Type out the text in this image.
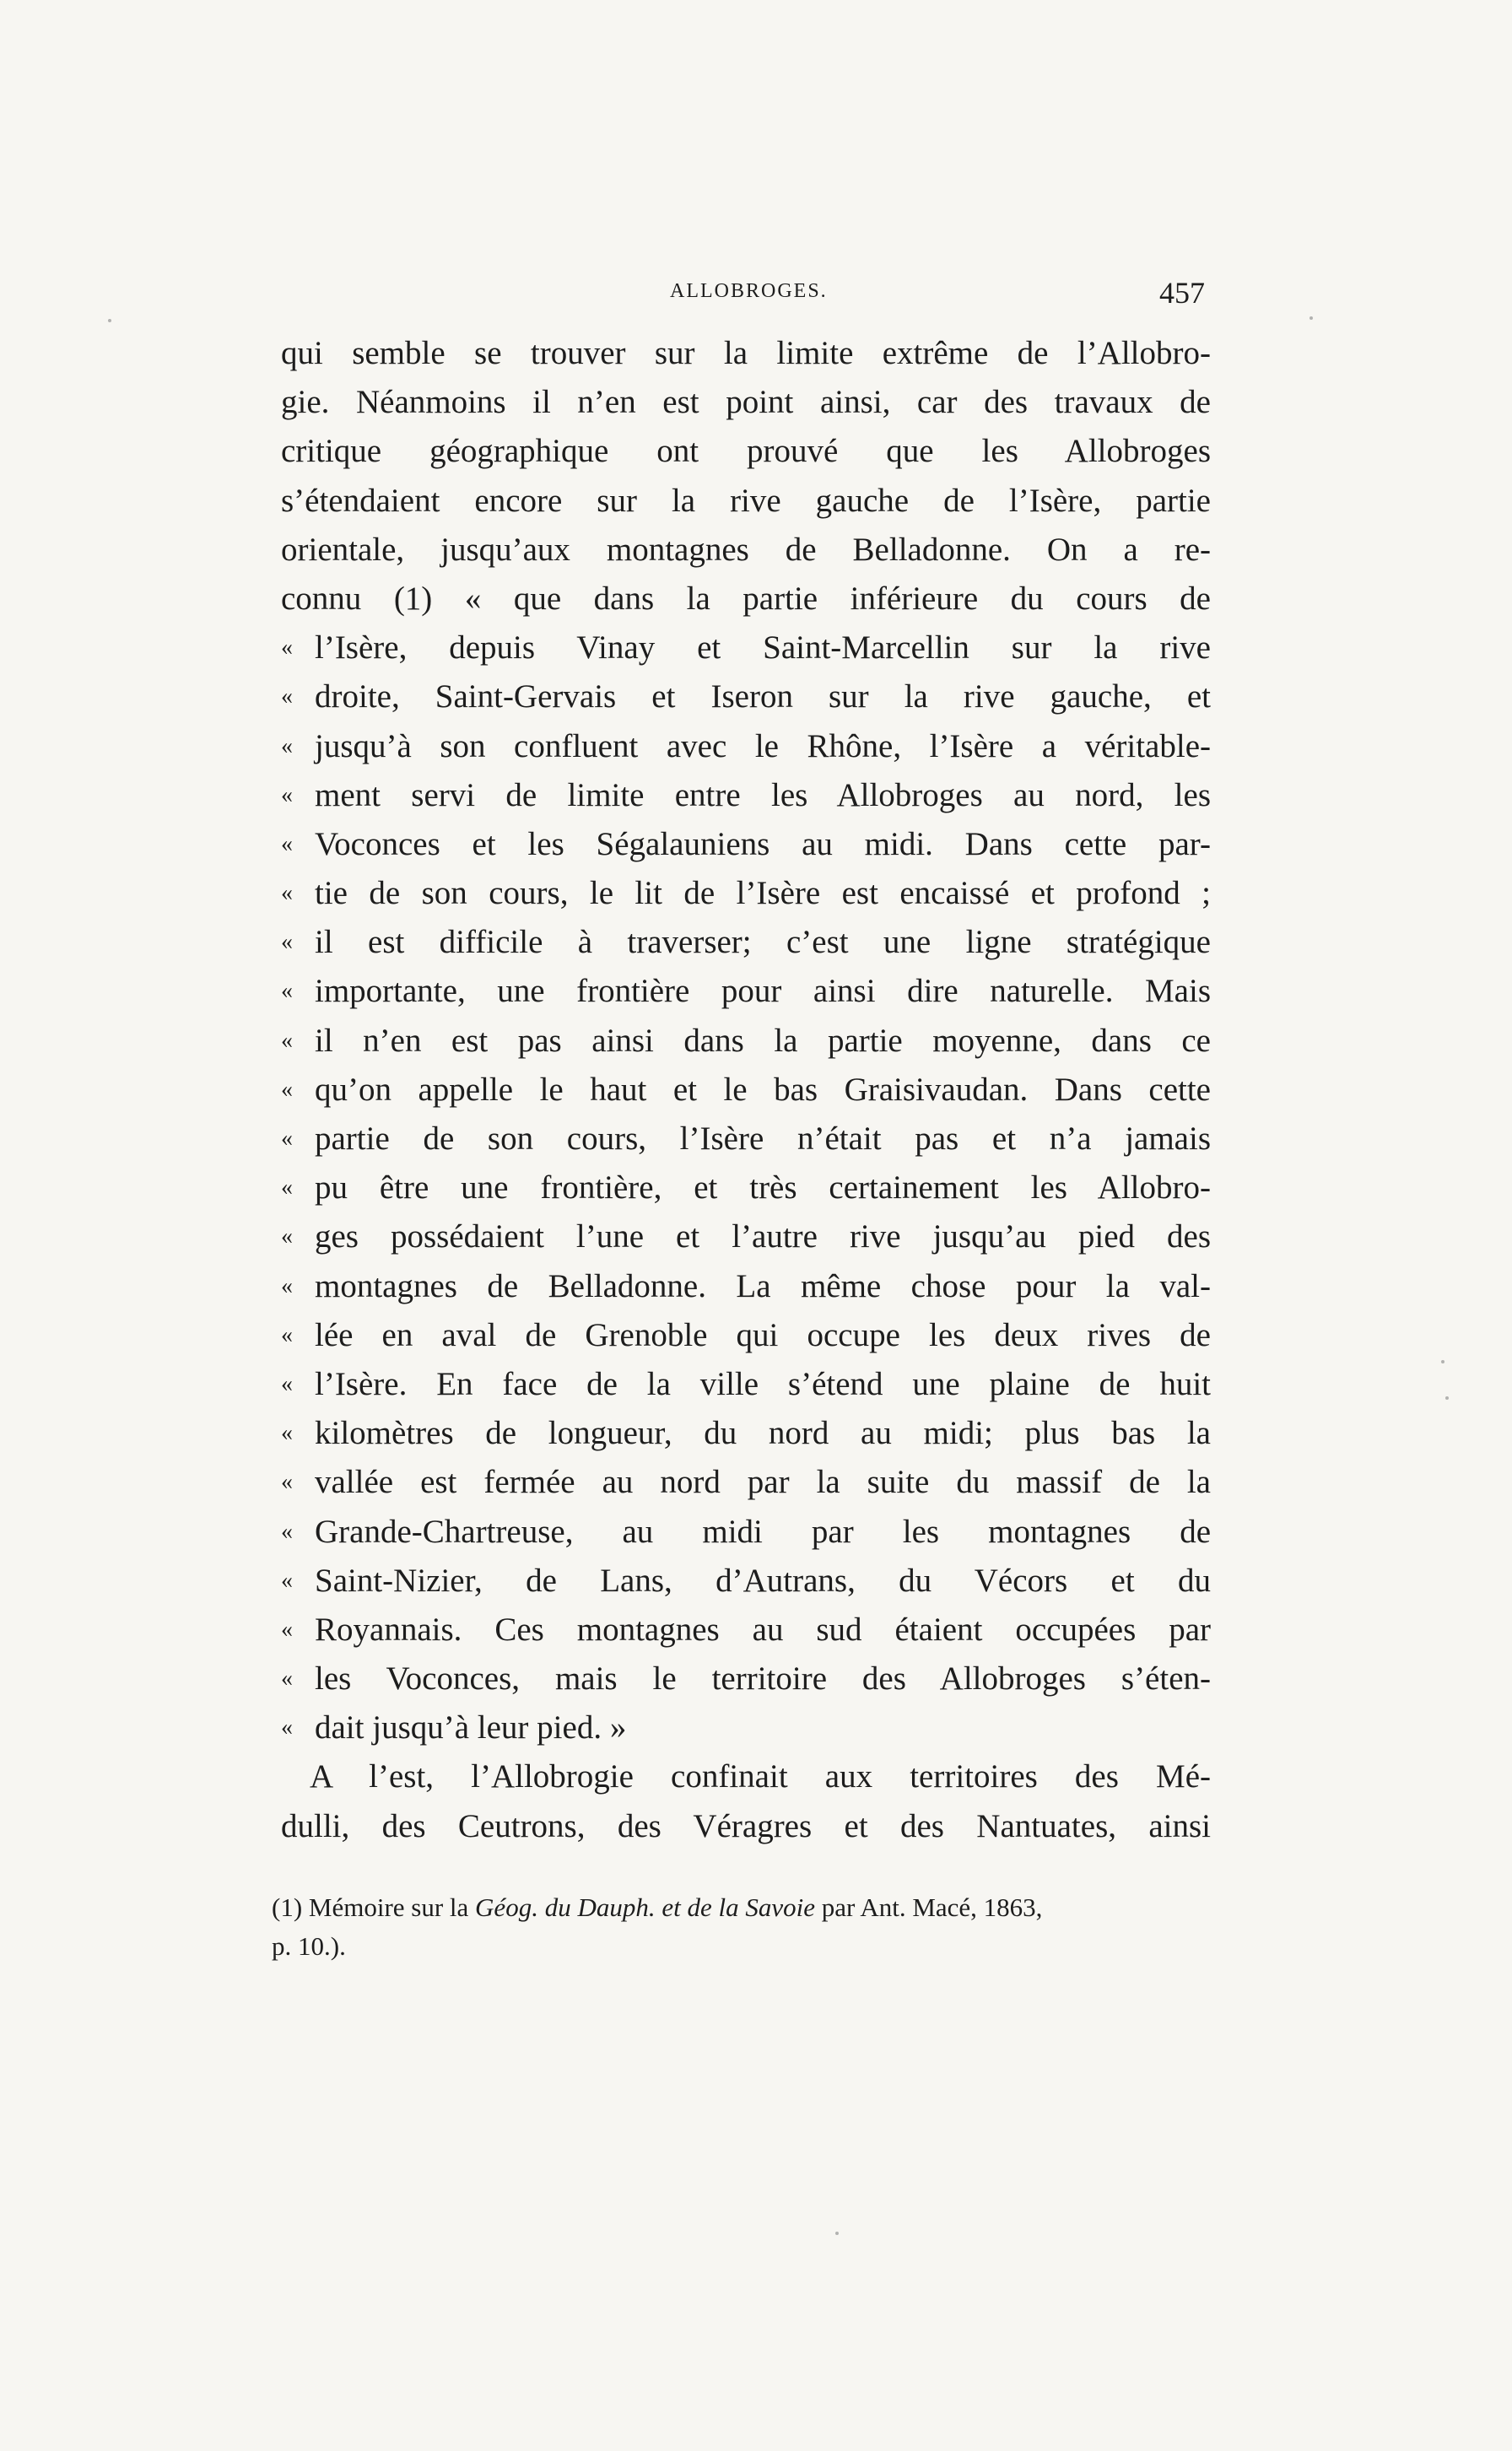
ALLOBROGES.	457
qui semble se trouver sur la limite extrême de l’Allobro-
gie. Néanmoins il n’en est point ainsi, car des travaux de
critique géographique ont prouvé que les Allobroges
s’étendaient encore sur la rive gauche de l’Isère, partie
orientale, jusqu’aux montagnes de Belladonne. On a re-
connu (1) « que dans la partie inférieure du cours de
« l’Isère, depuis Vinay et Saint-Marcellin sur la rive
« droite, Saint-Gervais et Iseron sur la rive gauche, et
« jusqu’à son confluent avec le Rhône, l’Isère a véritable-
« ment servi de limite entre les Allobroges au nord, les
« Voconces et les Ségalauniens au midi. Dans cette par-
« tie de son cours, le lit de l’Isère est encaissé et profond ;
« il est difficile à traverser; c’est une ligne stratégique
« importante, une frontière pour ainsi dire naturelle. Mais
« il n’en est pas ainsi dans la partie moyenne, dans ce
« qu’on appelle le haut et le bas Graisivaudan. Dans cette
« partie de son cours, l’Isère n’était pas et n’a jamais
« pu être une frontière, et très certainement les Allobro-
« ges possédaient l’une et l’autre rive jusqu’au pied des
« montagnes de Belladonne. La même chose pour la val-
« lée en aval de Grenoble qui occupe les deux rives de
« l’Isère. En face de la ville s’étend une plaine de huit
« kilomètres de longueur, du nord au midi; plus bas la
« vallée est fermée au nord par la suite du massif de la
« Grande-Chartreuse, au midi par les montagnes de
« Saint-Nizier, de Lans, d’Autrans, du Vécors et du
« Royannais. Ces montagnes au sud étaient occupées par
« les Voconces, mais le territoire des Allobroges s’éten-
« dait jusqu’à leur pied. »
A l’est, l’Allobrogie confinait aux territoires des Mé-
dulli, des Ceutrons, des Véragres et des Nantuates, ainsi
(1) Mémoire sur la Géog. du Dauph. et de la Savoie par Ant. Macé, 1863,
p. 10.).
